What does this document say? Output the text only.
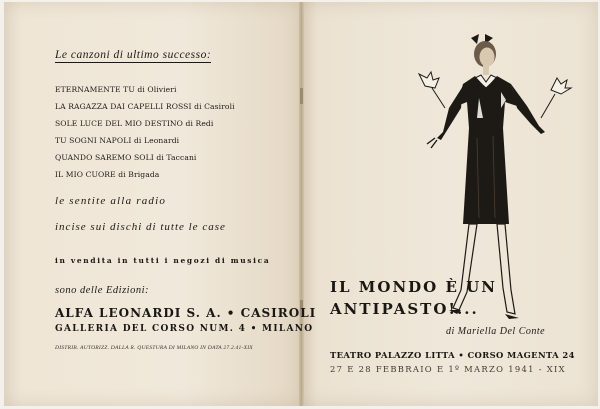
Le canzoni di ultimo successo:
ETERNAMENTE TU di Olivieri
LA RAGAZZA DAI CAPELLI ROSSI di Casiroli
SOLE LUCE DEL MIO DESTINO di Redi
TU SOGNI NAPOLI di Leonardi
QUANDO SAREMO SOLI di Taccani
IL MIO CUORE di Brigada
le sentite alla radio
incise sui dischi di tutte le case
in vendita in tutti i negozi di musica
sono delle Edizioni:
ALFA LEONARDI S. A. • CASIROLI
GALLERIA DEL CORSO NUM. 4 • MILANO
DISTRIB. AUTORIZZ. DALLA R. QUESTURA DI MILANO IN DATA 27.2.41-XIX
IL MONDO È UN
ANTIPASTO!...
di Mariella Del Conte
TEATRO PALAZZO LITTA • CORSO MAGENTA 24
27 E 28 FEBBRAIO E 1º MARZO 1941 - XIX
